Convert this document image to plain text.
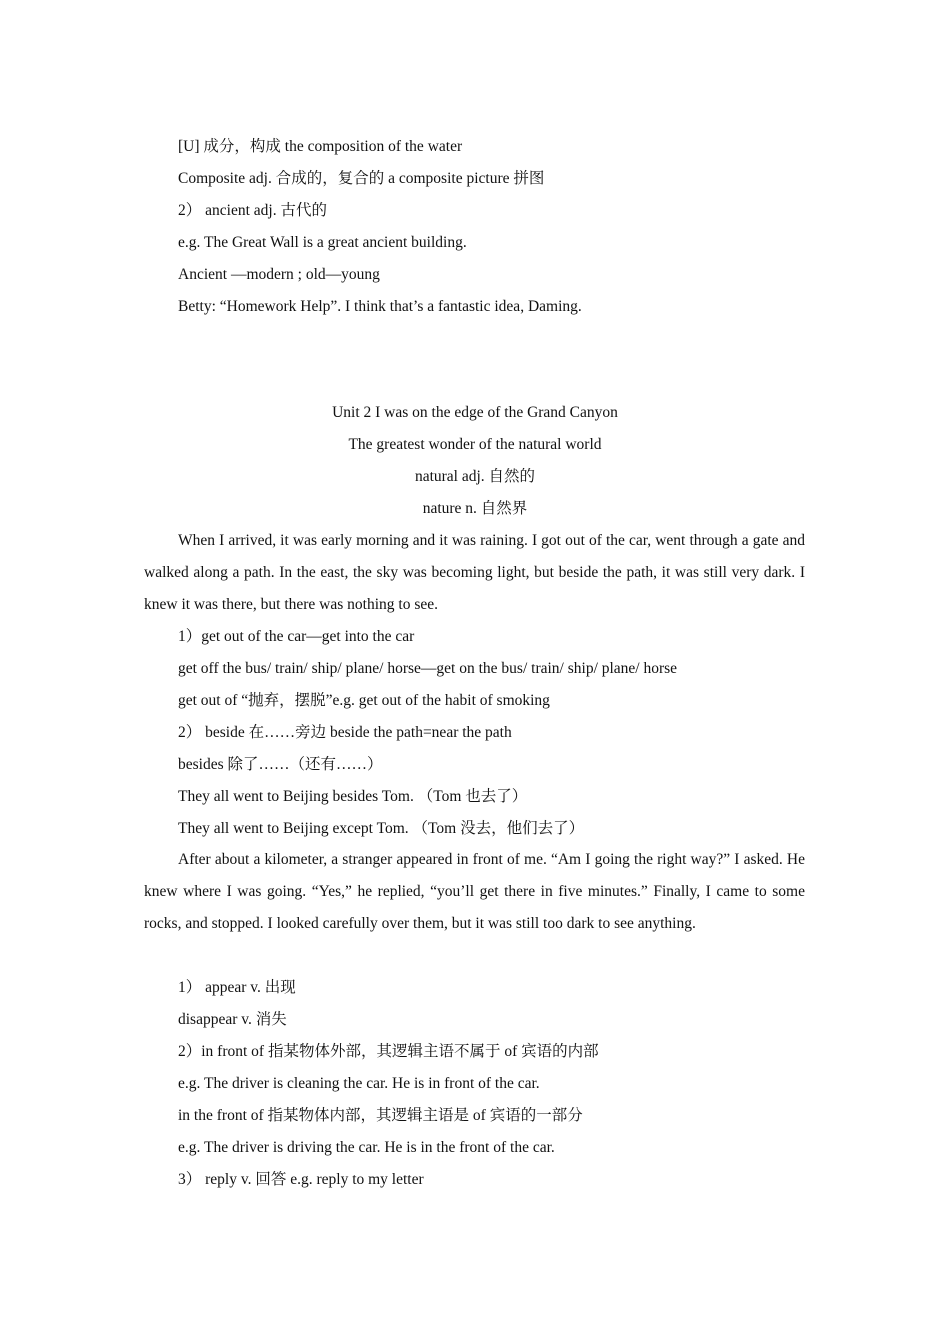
[U] 成分，构成 the composition of the water
Composite adj. 合成的，复合的 a composite picture 拼图
2） ancient adj. 古代的
e.g. The Great Wall is a great ancient building.
Ancient —modern ; old—young
Betty: “Homework Help”. I think that’s a fantastic idea, Daming.
Unit 2 I was on the edge of the Grand Canyon
The greatest wonder of the natural world
natural adj. 自然的
nature n. 自然界

When I arrived, it was early morning and it was raining. I got out of the car, went through a gate and walked along a path. In the east, the sky was becoming light, but beside the path, it was still very dark. I knew it was there, but there was nothing to see.

1）get out of the car—get into the car
get off the bus/ train/ ship/ plane/ horse—get on the bus/ train/ ship/ plane/ horse
get out of “抛弃，摆脱”e.g. get out of the habit of smoking
2） beside 在……旁边 beside the path=near the path
besides 除了……（还有……）
They all went to Beijing besides Tom. （Tom 也去了）
They all went to Beijing except Tom. （Tom 没去，他们去了）

After about a kilometer, a stranger appeared in front of me. “Am I going the right way?” I asked. He knew where I was going. “Yes,” he replied, “you’ll get there in five minutes.” Finally, I came to some rocks, and stopped. I looked carefully over them, but it was still too dark to see anything.

1） appear v. 出现
disappear v. 消失
2）in front of 指某物体外部，其逻辑主语不属于 of 宾语的内部
e.g. The driver is cleaning the car. He is in front of the car.
in the front of 指某物体内部，其逻辑主语是 of 宾语的一部分
e.g. The driver is driving the car. He is in the front of the car.
3） reply v. 回答 e.g. reply to my letter
